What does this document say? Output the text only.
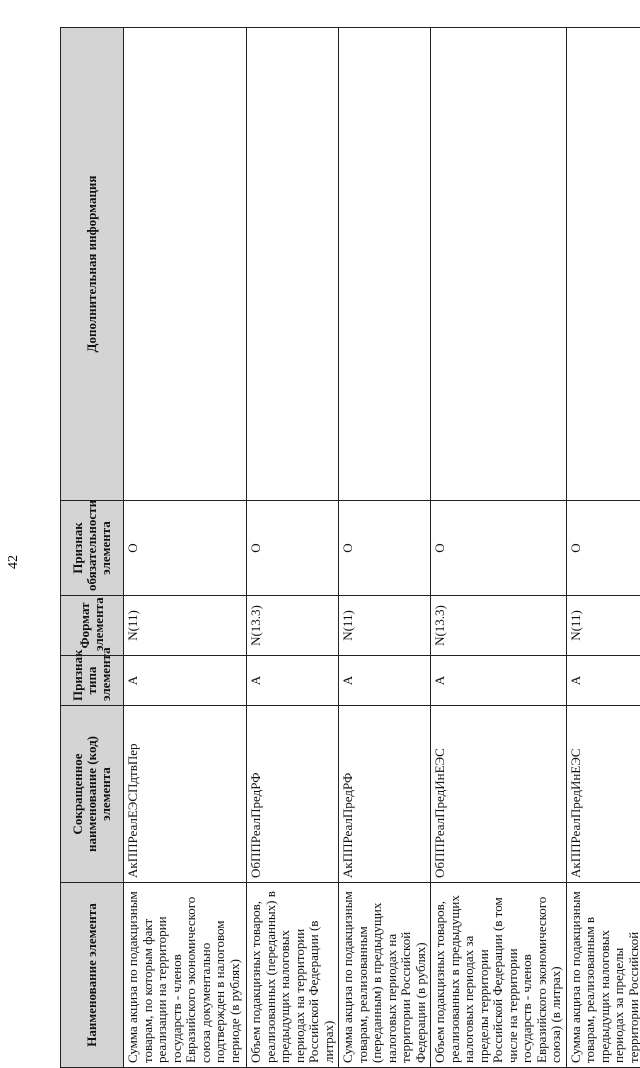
42
Наименование элемента	Сокращенное наименование (код) элемента	Признак типа элемента	Формат элемента	Признак обязательности элемента	Дополнительная информация
Сумма акциза по подакцизным товарам, по которым факт реализации на территории государств - членов Евразийского экономического союза документально подтвержден в налоговом периоде (в рублях)	АкППРеалЕЭСПдтвПер	А	N(11)	О	
Объем подакцизных товаров, реализованных (переданных) в предыдущих налоговых периодах на территории Российской Федерации (в литрах)	ОбППРеалПредРФ	А	N(13.3)	О	
Сумма акциза по подакцизным товарам, реализованным (переданным) в предыдущих налоговых периодах на территории Российской Федерации (в рублях)	АкППРеалПредРФ	А	N(11)	О	
Объем подакцизных товаров, реализованных в предыдущих налоговых периодах за пределы территории Российской Федерации (в том числе на территории государств - членов Евразийского экономического союза) (в литрах)	ОбППРеалПредИнЕЭС	А	N(13.3)	О	
Сумма акциза по подакцизным товарам, реализованным в предыдущих налоговых периодах за пределы территории Российской	АкППРеалПредИнЕЭС	А	N(11)	О	
